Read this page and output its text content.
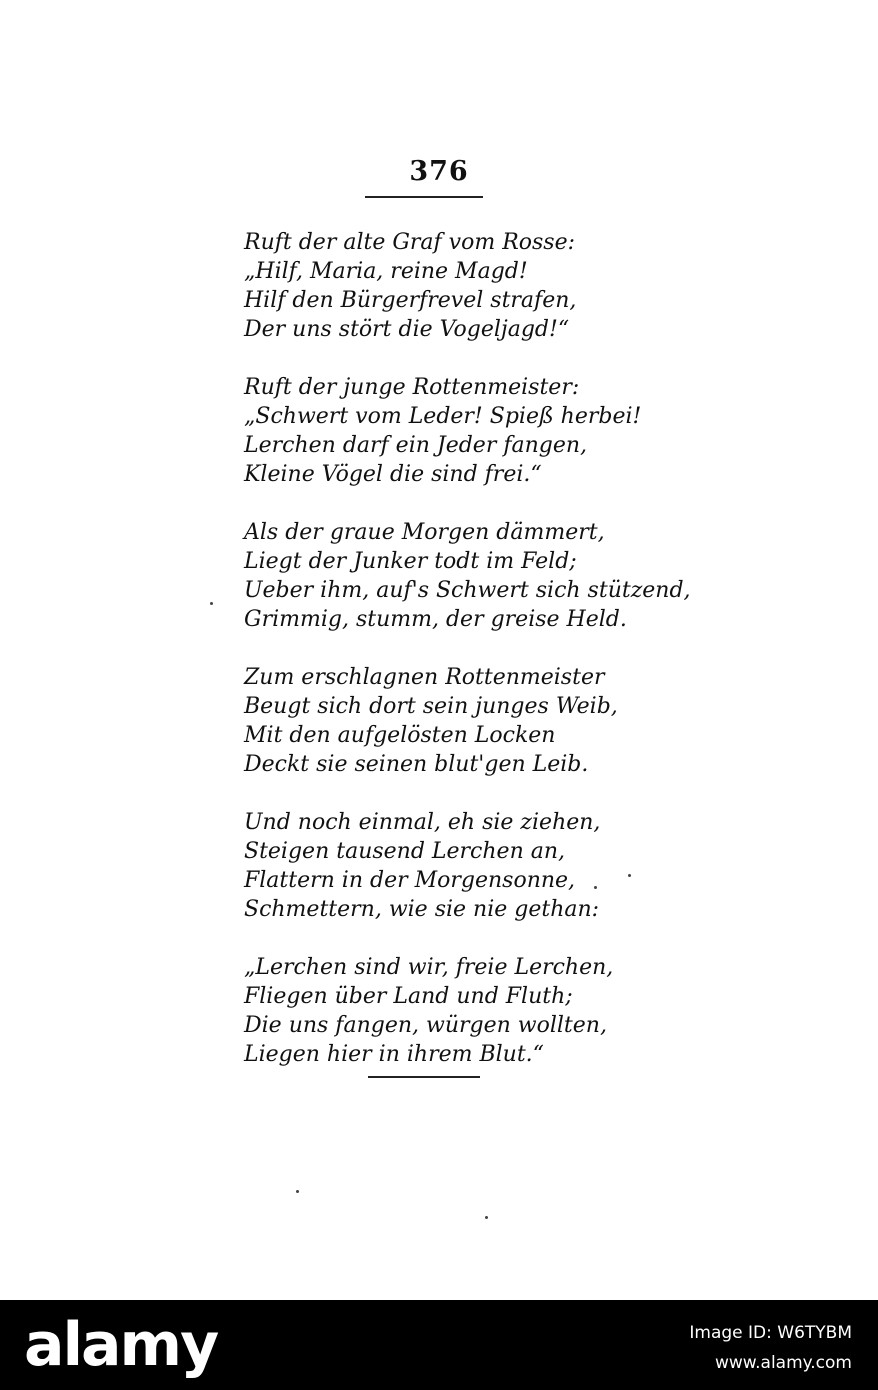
376
Ruft der alte Graf vom Rosse:
„Hilf, Maria, reine Magd!
Hilf den Bürgerfrevel strafen,
Der uns stört die Vogeljagd!“
Ruft der junge Rottenmeister:
„Schwert vom Leder! Spieß herbei!
Lerchen darf ein Jeder fangen,
Kleine Vögel die sind frei.“
Als der graue Morgen dämmert,
Liegt der Junker todt im Feld;
Ueber ihm, auf's Schwert sich stützend,
Grimmig, stumm, der greise Held.
Zum erschlagnen Rottenmeister
Beugt sich dort sein junges Weib,
Mit den aufgelösten Locken
Deckt sie seinen blut'gen Leib.
Und noch einmal, eh sie ziehen,
Steigen tausend Lerchen an,
Flattern in der Morgensonne,
Schmettern, wie sie nie gethan:
„Lerchen sind wir, freie Lerchen,
Fliegen über Land und Fluth;
Die uns fangen, würgen wollten,
Liegen hier in ihrem Blut.“
alamy	Image ID: W6TYBM
www.alamy.com
